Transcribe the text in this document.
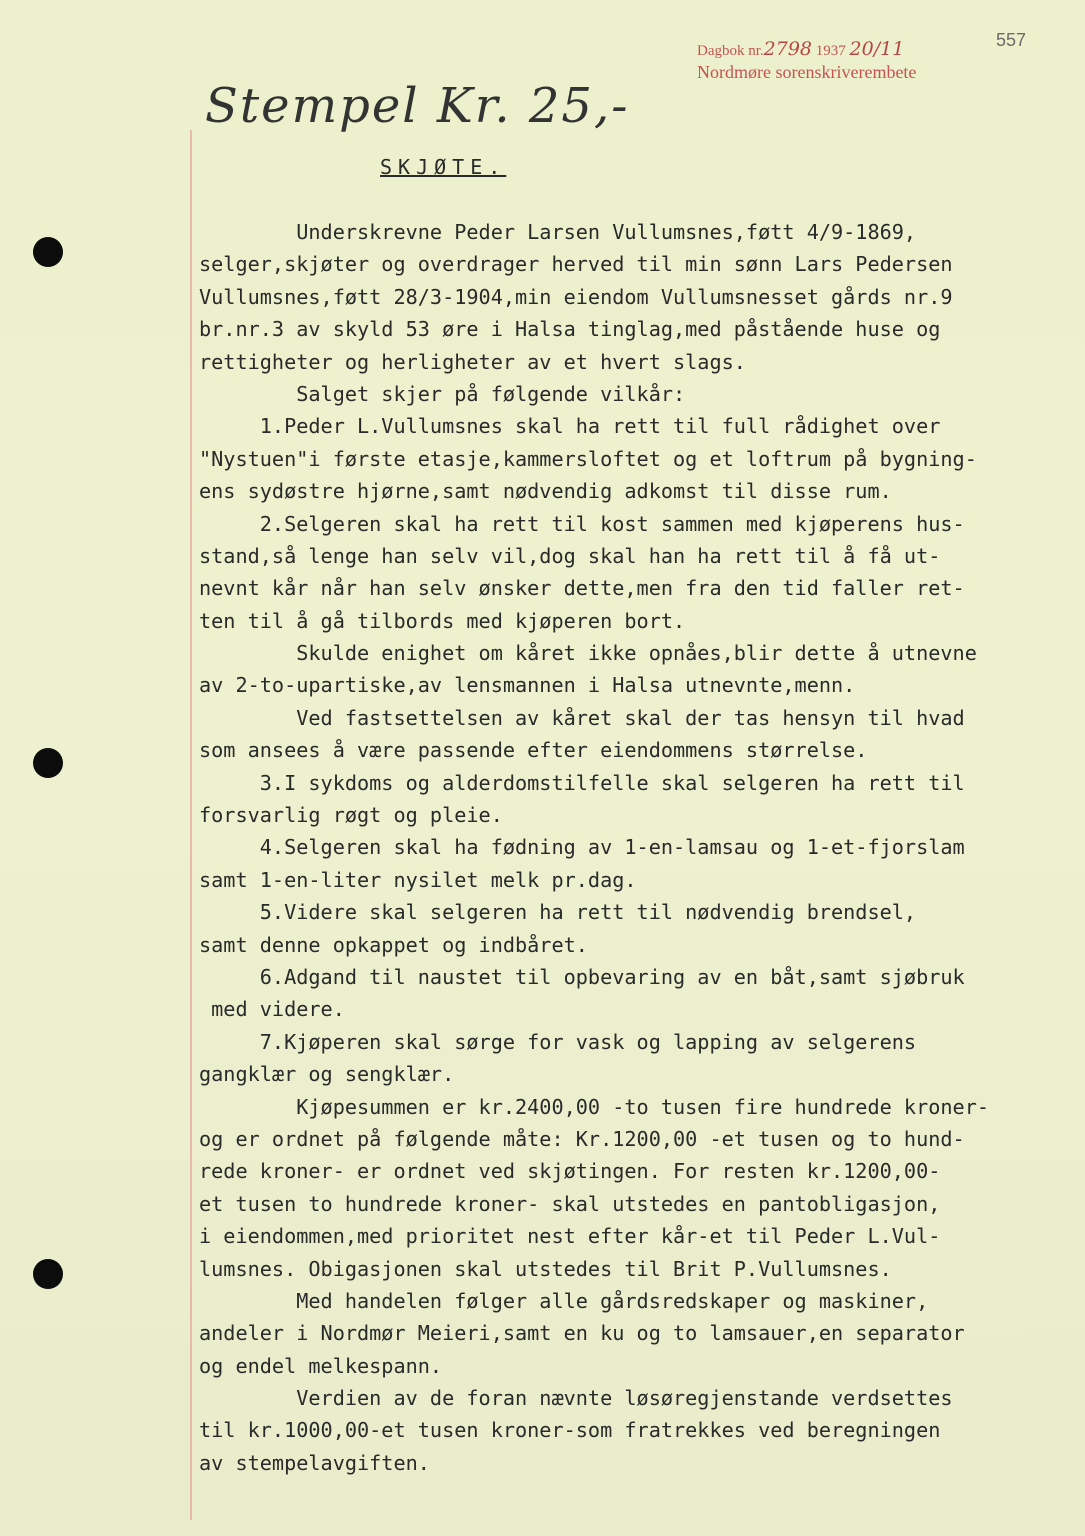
Dagbok nr.2798 1937 20/11
Nordmøre sorenskriverembete
557
Stempel Kr. 25,-
SKJØTE.
Underskrevne Peder Larsen Vullumsnes,føtt 4/9-1869,
selger,skjøter og overdrager herved til min sønn Lars Pedersen
Vullumsnes,føtt 28/3-1904,min eiendom Vullumsnesset gårds nr.9
br.nr.3 av skyld 53 øre i Halsa tinglag,med påstående huse og
rettigheter og herligheter av et hvert slags.
Salget skjer på følgende vilkår:
1.Peder L.Vullumsnes skal ha rett til full rådighet over
"Nystuen"i første etasje,kammersloftet og et loftrum på bygning-
ens sydøstre hjørne,samt nødvendig adkomst til disse rum.
2.Selgeren skal ha rett til kost sammen med kjøperens hus-
stand,så lenge han selv vil,dog skal han ha rett til å få ut-
nevnt kår når han selv ønsker dette,men fra den tid faller ret-
ten til å gå tilbords med kjøperen bort.
Skulde enighet om kåret ikke opnåes,blir dette å utnevne
av 2-to-upartiske,av lensmannen i Halsa utnevnte,menn.
Ved fastsettelsen av kåret skal der tas hensyn til hvad
som ansees å være passende efter eiendommens størrelse.
3.I sykdoms og alderdomstilfelle skal selgeren ha rett til
forsvarlig røgt og pleie.
4.Selgeren skal ha fødning av 1-en-lamsau og 1-et-fjorslam
samt 1-en-liter nysilet melk pr.dag.
5.Videre skal selgeren ha rett til nødvendig brendsel,
samt denne opkappet og indbåret.
6.Adgand til naustet til opbevaring av en båt,samt sjøbruk
med videre.
7.Kjøperen skal sørge for vask og lapping av selgerens
gangklær og sengklær.
Kjøpesummen er kr.2400,00 -to tusen fire hundrede kroner-
og er ordnet på følgende måte: Kr.1200,00 -et tusen og to hund-
rede kroner- er ordnet ved skjøtingen. For resten kr.1200,00-
et tusen to hundrede kroner- skal utstedes en pantobligasjon,
i eiendommen,med prioritet nest efter kår-et til Peder L.Vul-
lumsnes. Obigasjonen skal utstedes til Brit P.Vullumsnes.
Med handelen følger alle gårdsredskaper og maskiner,
andeler i Nordmør Meieri,samt en ku og to lamsauer,en separator
og endel melkespann.
Verdien av de foran nævnte løsøregjenstande verdsettes
til kr.1000,00-et tusen kroner-som fratrekkes ved beregningen
av stempelavgiften.
